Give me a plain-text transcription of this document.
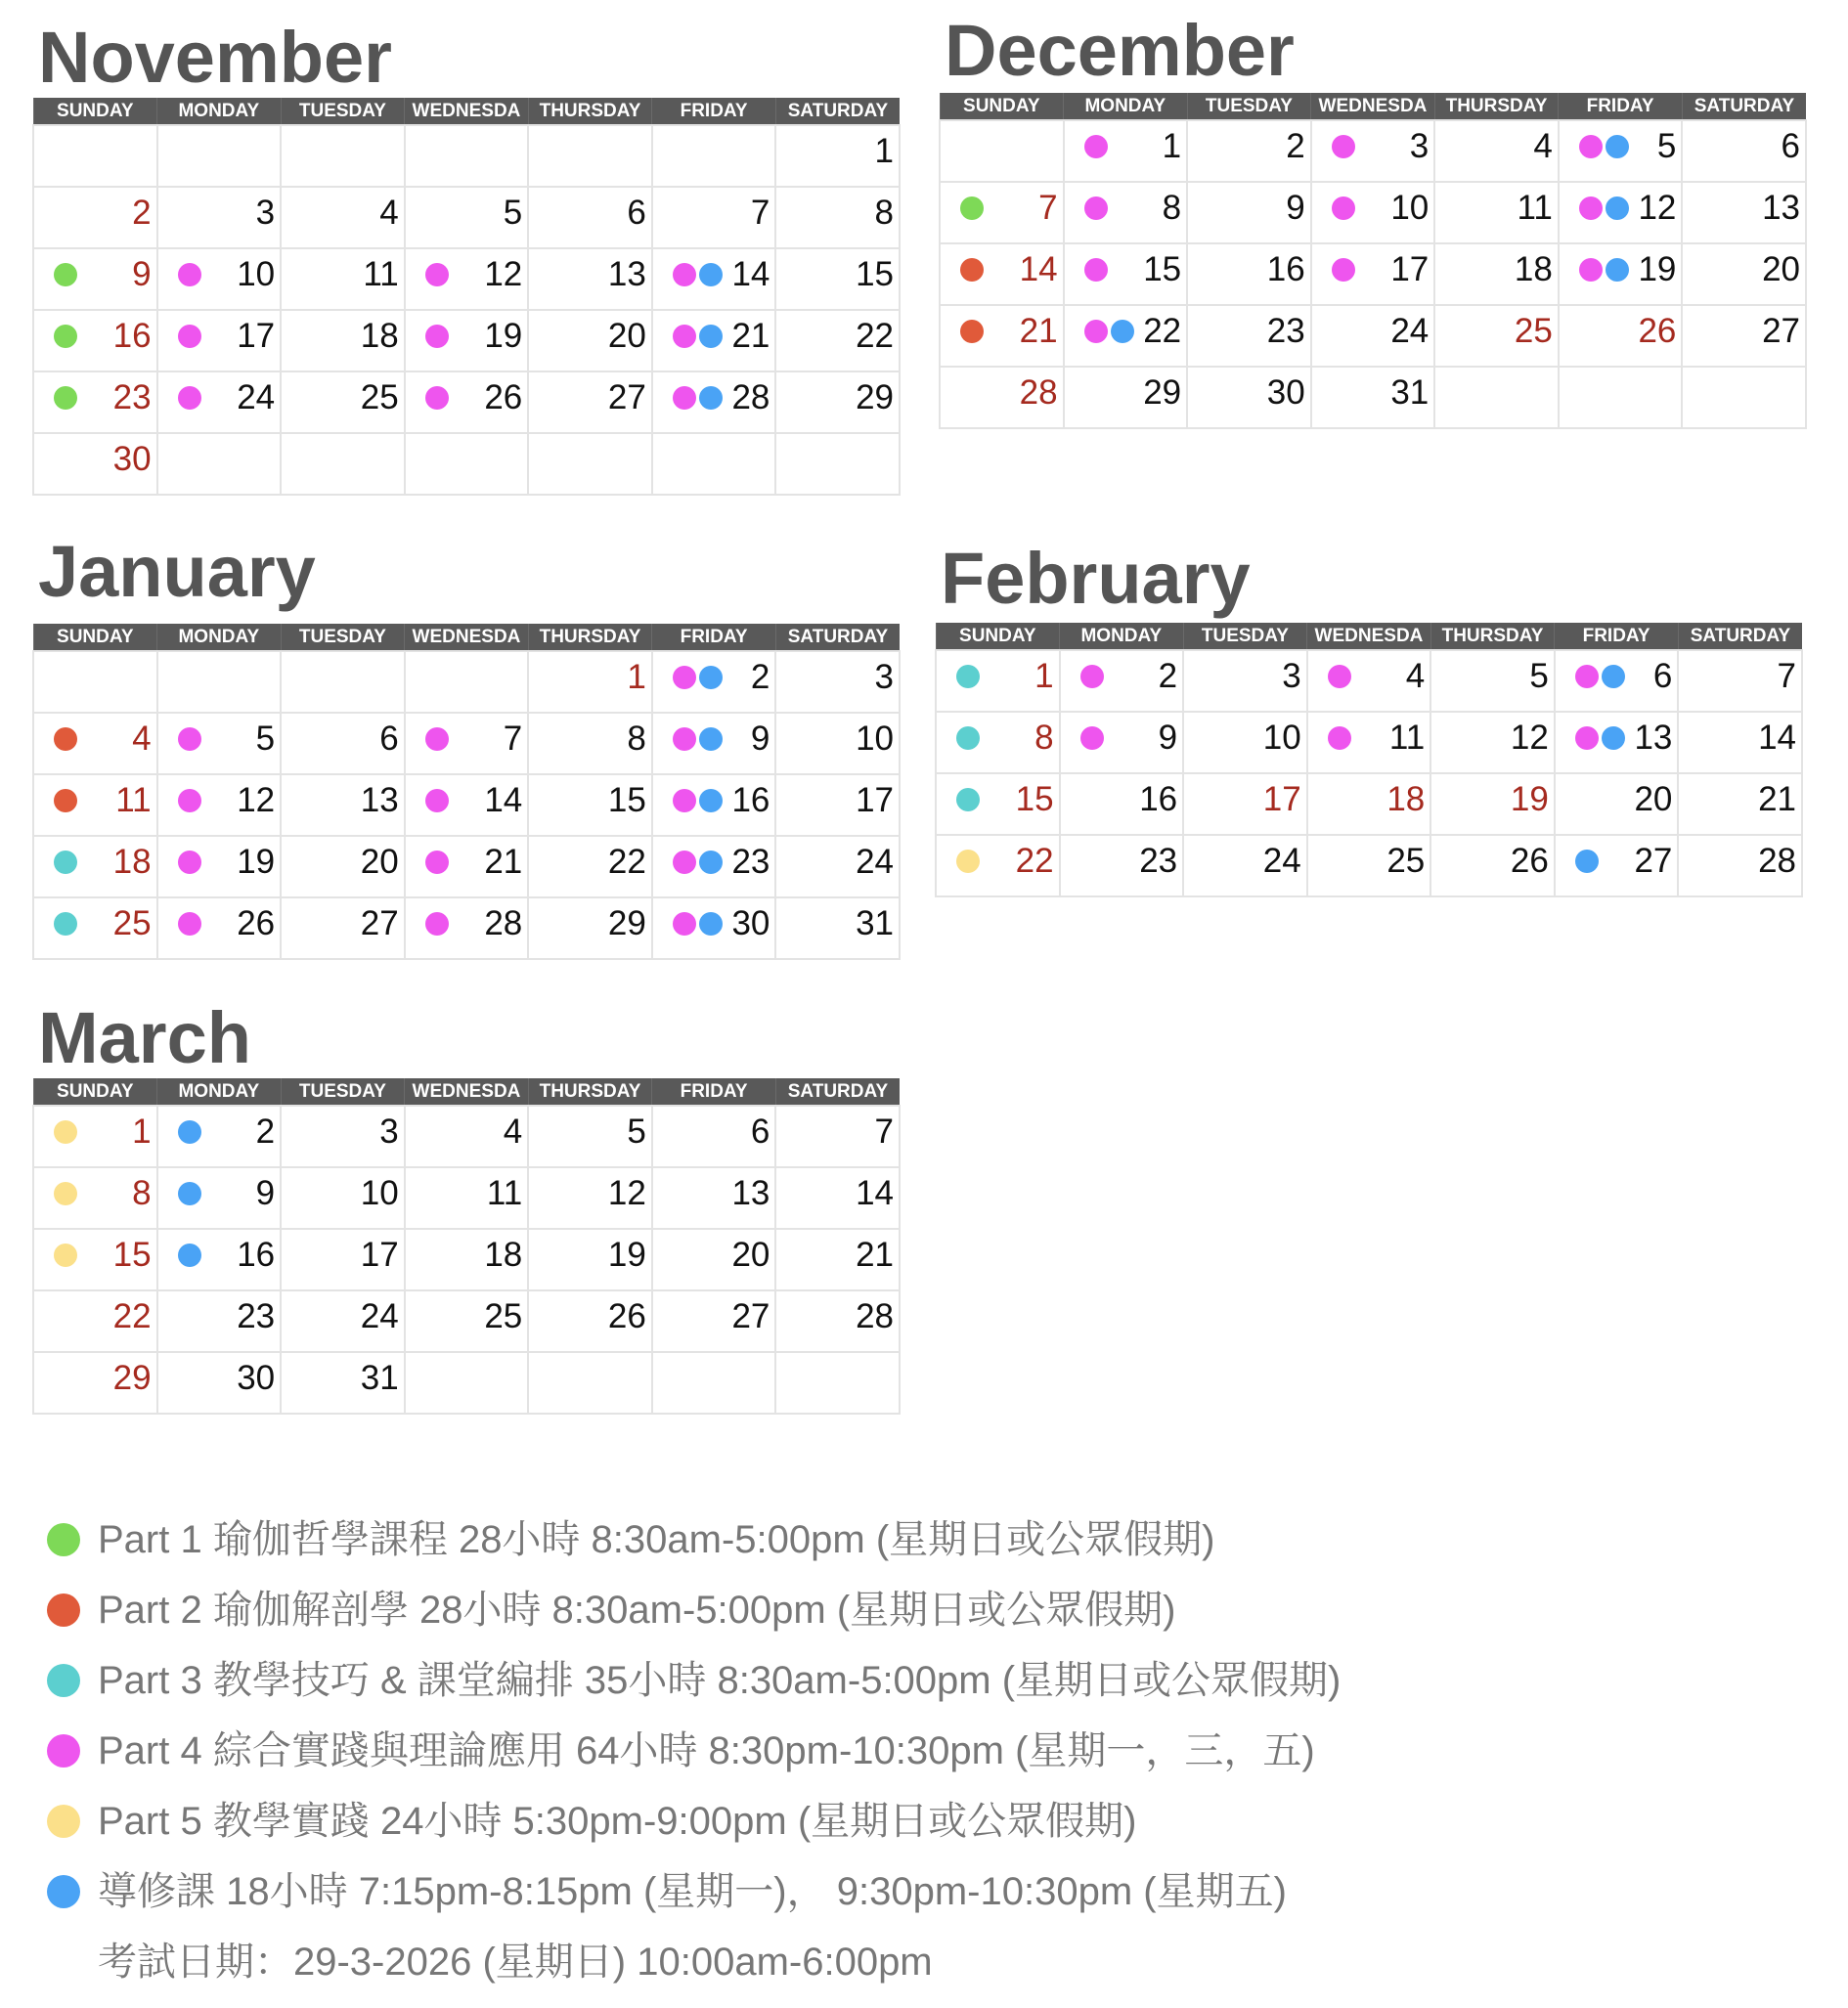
November
SUNDAY	MONDAY	TUESDAY	WEDNESDA	THURSDAY	FRIDAY	SATURDAY

						1

2	3	4	5	6	7	8

9	10	11	12	13	14	15

16	17	18	19	20	21	22

23	24	25	26	27	28	29

30						

December
SUNDAY	MONDAY	TUESDAY	WEDNESDA	THURSDAY	FRIDAY	SATURDAY

	1	2	3	4	5	6

7	8	9	10	11	12	13

14	15	16	17	18	19	20

21	22	23	24	25	26	27

28	29	30	31			

January
SUNDAY	MONDAY	TUESDAY	WEDNESDA	THURSDAY	FRIDAY	SATURDAY

				1	2	3

4	5	6	7	8	9	10

11	12	13	14	15	16	17

18	19	20	21	22	23	24

25	26	27	28	29	30	31
February
SUNDAY	MONDAY	TUESDAY	WEDNESDA	THURSDAY	FRIDAY	SATURDAY

1	2	3	4	5	6	7

8	9	10	11	12	13	14

15	16	17	18	19	20	21

22	23	24	25	26	27	28
March
SUNDAY	MONDAY	TUESDAY	WEDNESDA	THURSDAY	FRIDAY	SATURDAY

1	2	3	4	5	6	7

8	9	10	11	12	13	14

15	16	17	18	19	20	21

22	23	24	25	26	27	28

29	30	31				

Part 1 瑜伽哲學課程 28小時 8:30am-5:00pm (星期日或公眾假期)
Part 2 瑜伽解剖學 28小時 8:30am-5:00pm (星期日或公眾假期)
Part 3 教學技巧 & 課堂編排 35小時 8:30am-5:00pm (星期日或公眾假期)
Part 4 綜合實踐與理論應用 64小時 8:30pm-10:30pm (星期一，三，五)
Part 5 教學實踐 24小時 5:30pm-9:00pm (星期日或公眾假期)
導修課 18小時 7:15pm-8:15pm (星期一)， 9:30pm-10:30pm (星期五)
考試日期：29-3-2026 (星期日) 10:00am-6:00pm
